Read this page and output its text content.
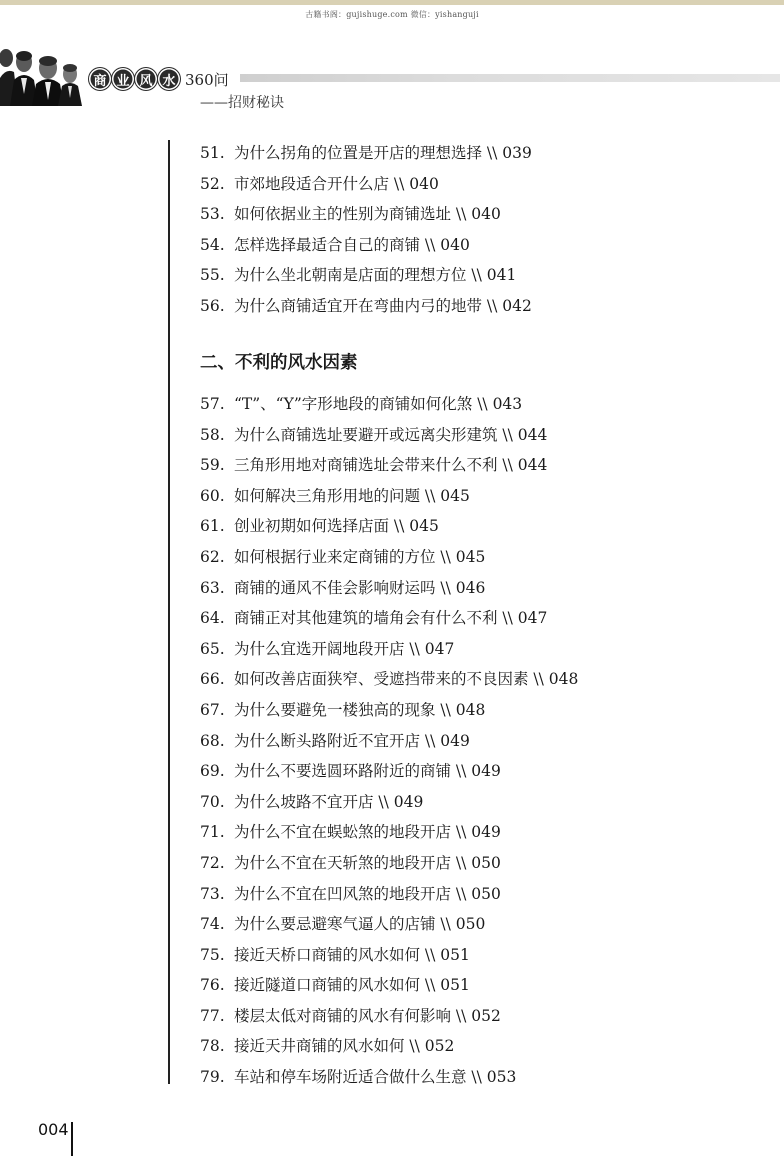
古籍书阁：gujishuge.com 微信：yishanguji
商 业 风 水 360问
——招财秘诀
51. 为什么拐角的位置是开店的理想选择 \\ 039
52. 市郊地段适合开什么店 \\ 040
53. 如何依据业主的性别为商铺选址 \\ 040
54. 怎样选择最适合自己的商铺 \\ 040
55. 为什么坐北朝南是店面的理想方位 \\ 041
56. 为什么商铺适宜开在弯曲内弓的地带 \\ 042
二、不利的风水因素
57. “T”、“Y”字形地段的商铺如何化煞 \\ 043
58. 为什么商铺选址要避开或远离尖形建筑 \\ 044
59. 三角形用地对商铺选址会带来什么不利 \\ 044
60. 如何解决三角形用地的问题 \\ 045
61. 创业初期如何选择店面 \\ 045
62. 如何根据行业来定商铺的方位 \\ 045
63. 商铺的通风不佳会影响财运吗 \\ 046
64. 商铺正对其他建筑的墙角会有什么不利 \\ 047
65. 为什么宜选开阔地段开店 \\ 047
66. 如何改善店面狭窄、受遮挡带来的不良因素 \\ 048
67. 为什么要避免一楼独高的现象 \\ 048
68. 为什么断头路附近不宜开店 \\ 049
69. 为什么不要选圆环路附近的商铺 \\ 049
70. 为什么坡路不宜开店 \\ 049
71. 为什么不宜在蜈蚣煞的地段开店 \\ 049
72. 为什么不宜在天斩煞的地段开店 \\ 050
73. 为什么不宜在凹风煞的地段开店 \\ 050
74. 为什么要忌避寒气逼人的店铺 \\ 050
75. 接近天桥口商铺的风水如何 \\ 051
76. 接近隧道口商铺的风水如何 \\ 051
77. 楼层太低对商铺的风水有何影响 \\ 052
78. 接近天井商铺的风水如何 \\ 052
79. 车站和停车场附近适合做什么生意 \\ 053
004
